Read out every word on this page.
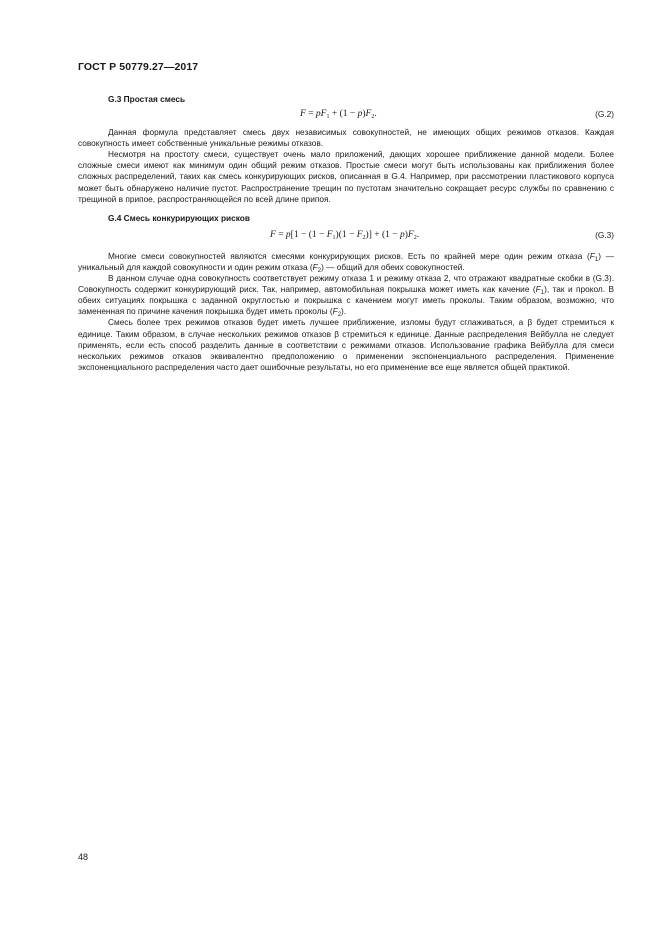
ГОСТ Р 50779.27—2017
G.3 Простая смесь
$F = pF_1 + (1 - p)F_2$.	(G.2)

Данная формула представляет смесь двух независимых совокупностей, не имеющих общих режимов отказов. Каждая совокупность имеет собственные уникальные режимы отказов.

Несмотря на простоту смеси, существует очень мало приложений, дающих хорошее приближение данной модели. Более сложные смеси имеют как минимум один общий режим отказов. Простые смеси могут быть использованы как приближения более сложных распределений, таких как смесь конкурирующих рисков, описанная в G.4. Например, при рассмотрении пластикового корпуса может быть обнаружено наличие пустот. Распространение трещин по пустотам значительно сокращает ресурс службы по сравнению с трещиной в припое, распространяющейся по всей длине припоя.

G.4 Смесь конкурирующих рисков
$F = p[1 - (1 - F_1)(1 - F_2)] + (1 - p)F_2$.	(G.3)

Многие смеси совокупностей являются смесями конкурирующих рисков. Есть по крайней мере один режим отказа $(F_1)$ — уникальный для каждой совокупности и один режим отказа $(F_2)$ — общий для обеих совокупностей.

В данном случае одна совокупность соответствует режиму отказа 1 и режиму отказа 2, что отражают квадратные скобки в (G.3). Совокупность содержит конкурирующий риск. Так, например, автомобильная покрышка может иметь как качение $(F_1)$, так и прокол. В обеих ситуациях покрышка с заданной округлостью и покрышка с качением могут иметь проколы. Таким образом, возможно, что замененная по причине качения покрышка будет иметь проколы $(F_2)$.

Смесь более трех режимов отказов будет иметь лучшее приближение, изломы будут сглаживаться, а β будет стремиться к единице. Таким образом, в случае нескольких режимов отказов β стремиться к единице. Данные распределения Вейбулла не следует применять, если есть способ разделить данные в соответствии с режимами отказов. Использование графика Вейбулла для смеси нескольких режимов отказов эквивалентно предположению о применении экспоненциального распределения. Применение экспоненциального распределения часто дает ошибочные результаты, но его применение все еще является общей практикой.

48
